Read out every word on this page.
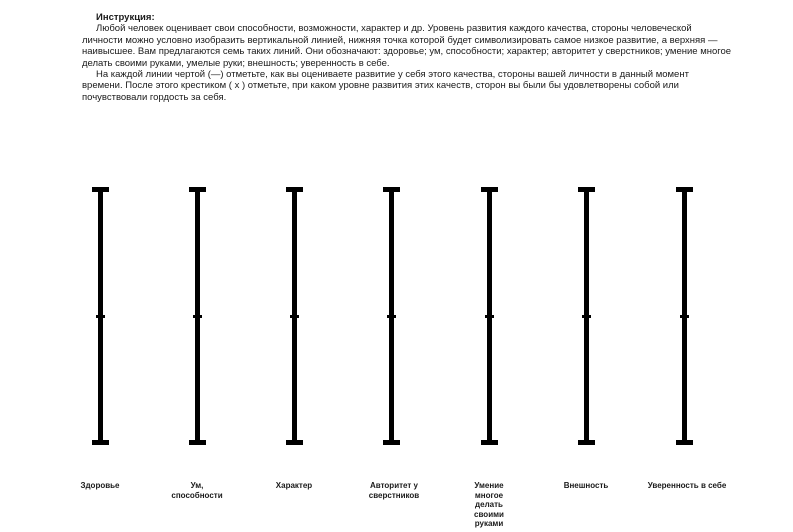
Инструкция:

Любой человек оценивает свои способности, возможности, характер и др. Уровень развития каждого качества, стороны человеческой личности можно условно изобразить вертикальной линией, нижняя точка которой будет символизировать самое низкое развитие, а верхняя — наивысшее. Вам предлагаются семь таких линий. Они обозначают: здоровье; ум, способности; характер; авторитет у сверстников; умение многое делать своими руками, умелые руки; внешность; уверенность в себе.

На каждой линии чертой (—) отметьте, как вы оцениваете развитие у себя этого качества, стороны вашей личности в данный момент времени. После этого крестиком ( x ) отметьте, при каком уровне развития этих качеств, сторон вы были бы удовлетворены собой или почувствовали гордость за себя.

Здоровье	Ум, способности
Характер	Авторитет у сверстников
Умение многое делать своими руками
Внешность	Уверенность в себе
